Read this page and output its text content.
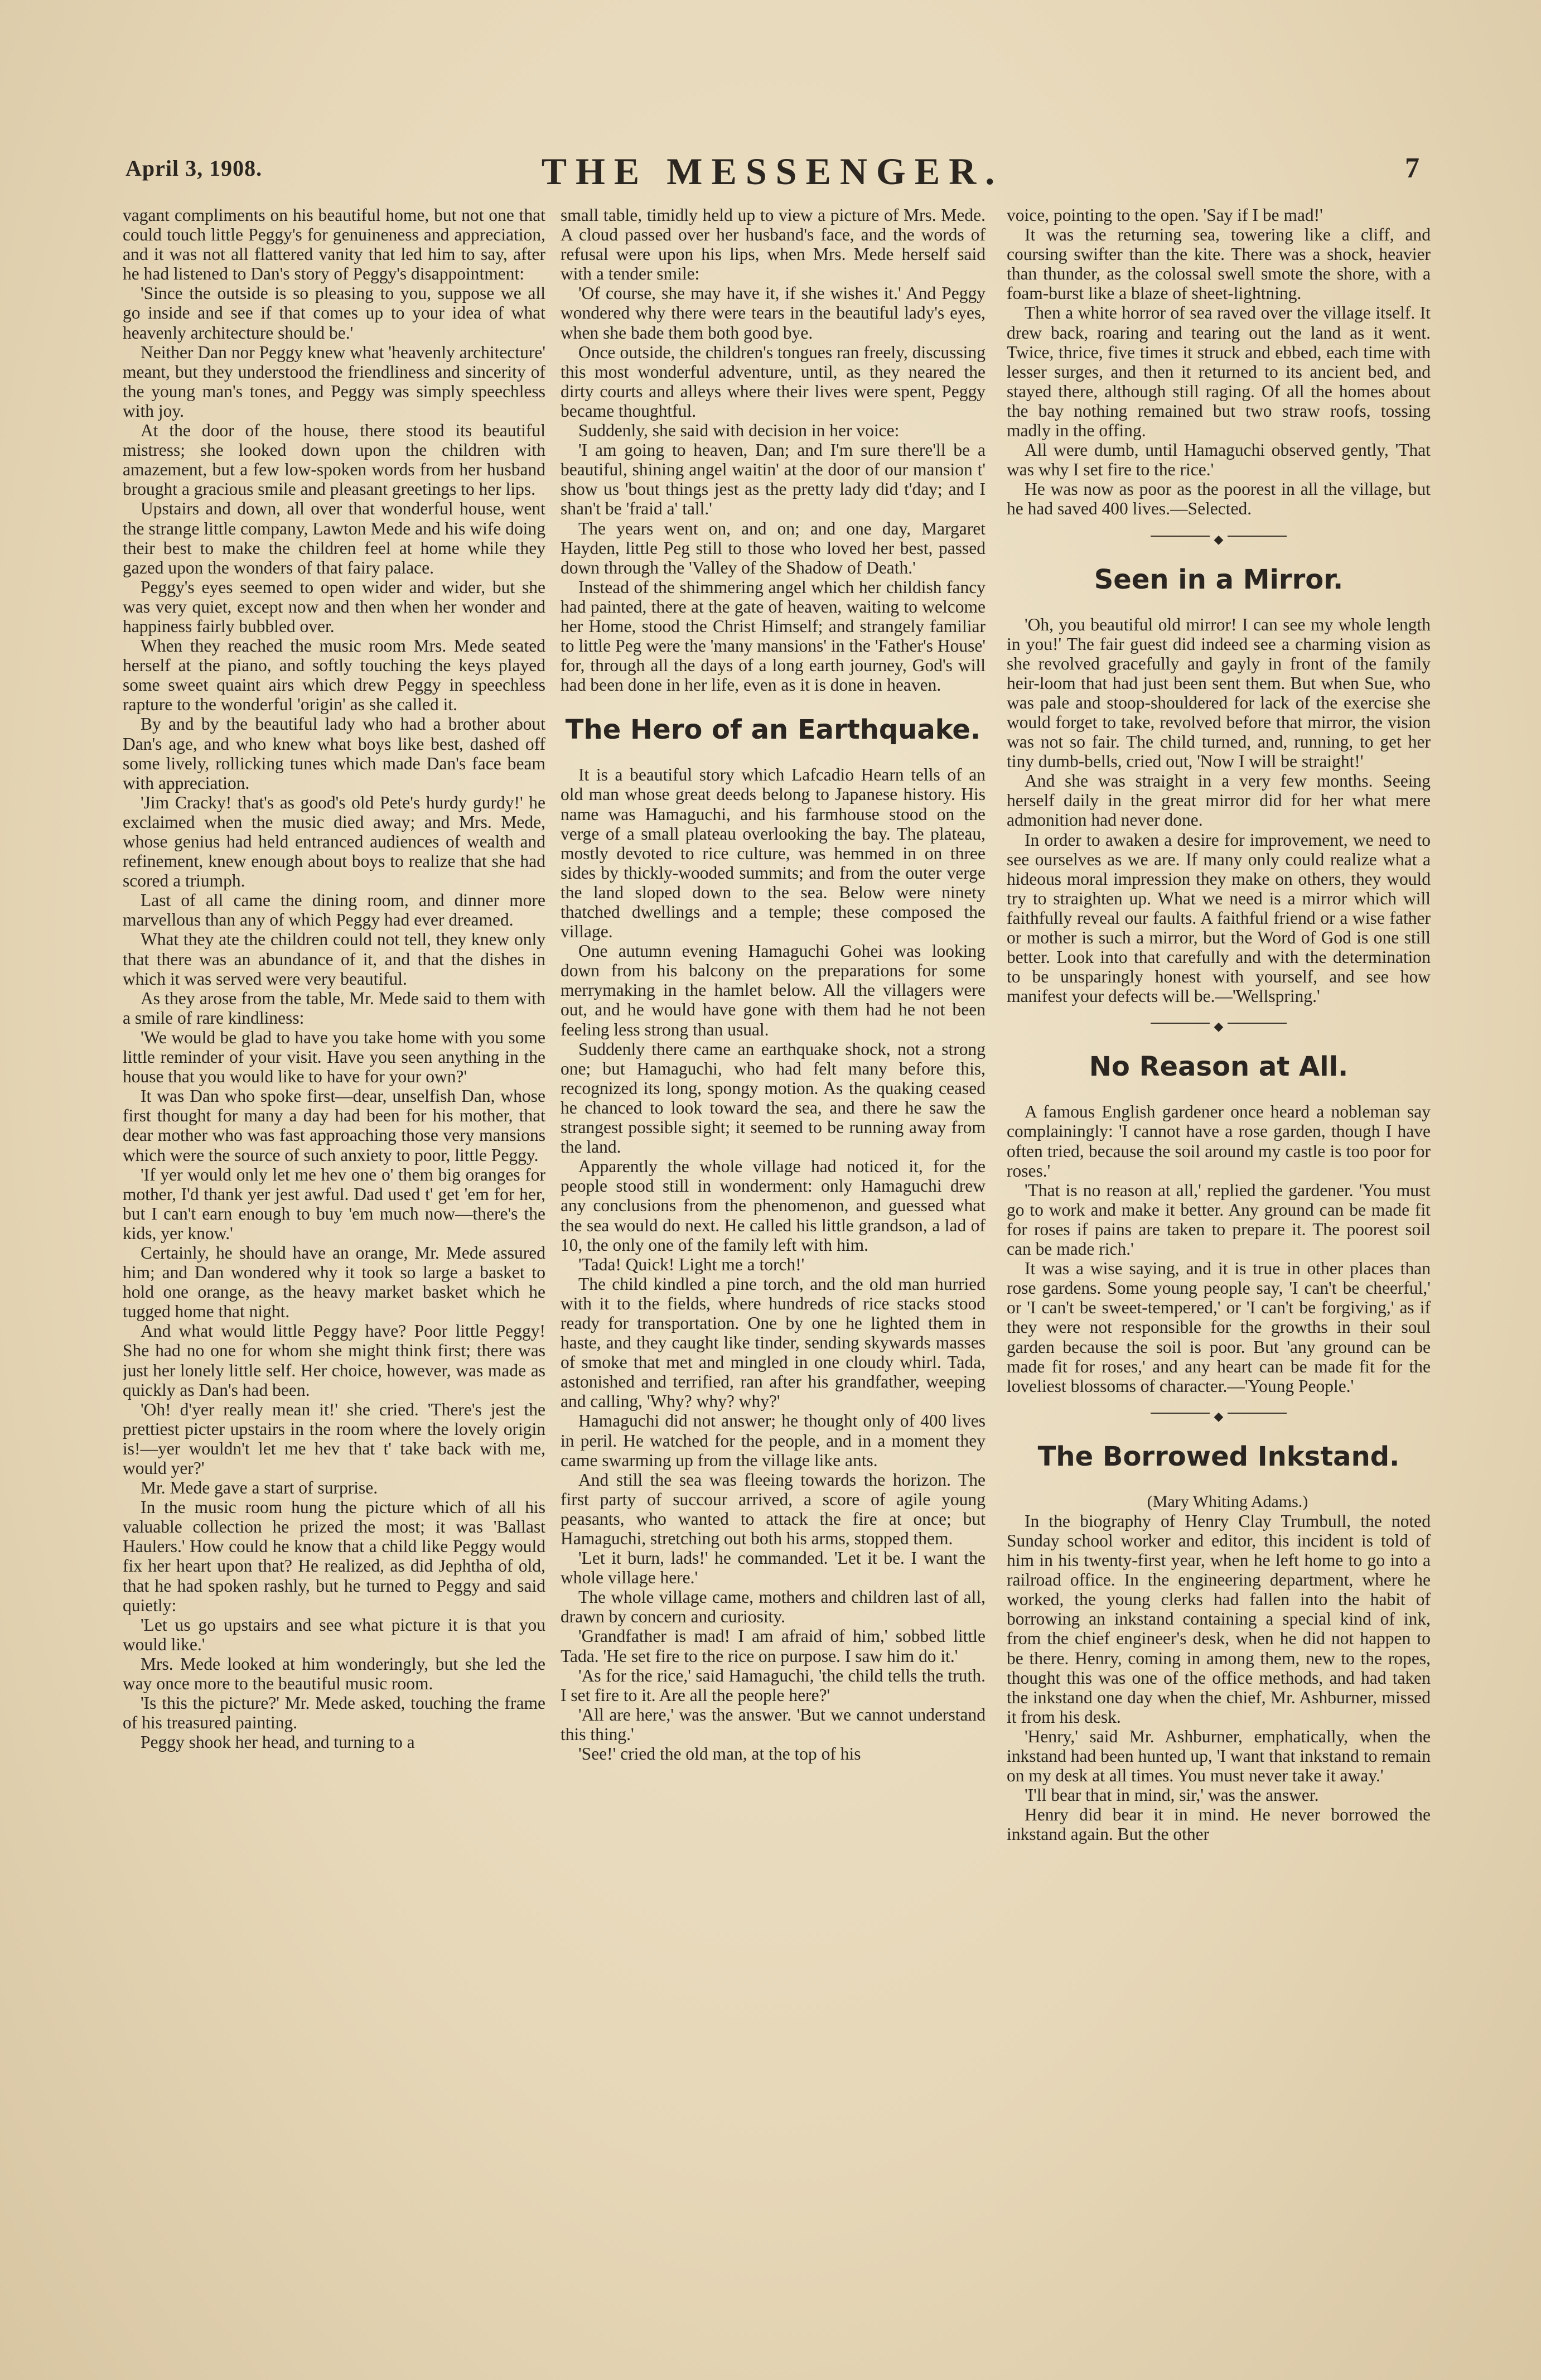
April 3, 1908.	THE MESSENGER.	7

vagant compliments on his beautiful home, but not one that could touch little Peggy's for genuineness and appreciation, and it was not all flattered vanity that led him to say, after he had listened to Dan's story of Peggy's disappointment:

'Since the outside is so pleasing to you, suppose we all go inside and see if that comes up to your idea of what heavenly architecture should be.'

Neither Dan nor Peggy knew what 'heavenly architecture' meant, but they understood the friendliness and sincerity of the young man's tones, and Peggy was simply speechless with joy.

At the door of the house, there stood its beautiful mistress; she looked down upon the children with amazement, but a few low-spoken words from her husband brought a gracious smile and pleasant greetings to her lips.

Upstairs and down, all over that wonderful house, went the strange little company, Lawton Mede and his wife doing their best to make the children feel at home while they gazed upon the wonders of that fairy palace.

Peggy's eyes seemed to open wider and wider, but she was very quiet, except now and then when her wonder and happiness fairly bubbled over.

When they reached the music room Mrs. Mede seated herself at the piano, and softly touching the keys played some sweet quaint airs which drew Peggy in speechless rapture to the wonderful 'origin' as she called it.

By and by the beautiful lady who had a brother about Dan's age, and who knew what boys like best, dashed off some lively, rollicking tunes which made Dan's face beam with appreciation.

'Jim Cracky! that's as good's old Pete's hurdy gurdy!' he exclaimed when the music died away; and Mrs. Mede, whose genius had held entranced audiences of wealth and refinement, knew enough about boys to realize that she had scored a triumph.

Last of all came the dining room, and dinner more marvellous than any of which Peggy had ever dreamed.

What they ate the children could not tell, they knew only that there was an abundance of it, and that the dishes in which it was served were very beautiful.

As they arose from the table, Mr. Mede said to them with a smile of rare kindliness:

'We would be glad to have you take home with you some little reminder of your visit. Have you seen anything in the house that you would like to have for your own?'

It was Dan who spoke first—dear, unselfish Dan, whose first thought for many a day had been for his mother, that dear mother who was fast approaching those very mansions which were the source of such anxiety to poor, little Peggy.

'If yer would only let me hev one o' them big oranges for mother, I'd thank yer jest awful. Dad used t' get 'em for her, but I can't earn enough to buy 'em much now—there's the kids, yer know.'

Certainly, he should have an orange, Mr. Mede assured him; and Dan wondered why it took so large a basket to hold one orange, as the heavy market basket which he tugged home that night.

And what would little Peggy have? Poor little Peggy! She had no one for whom she might think first; there was just her lonely little self. Her choice, however, was made as quickly as Dan's had been.

'Oh! d'yer really mean it!' she cried. 'There's jest the prettiest picter upstairs in the room where the lovely origin is!—yer wouldn't let me hev that t' take back with me, would yer?'

Mr. Mede gave a start of surprise.

In the music room hung the picture which of all his valuable collection he prized the most; it was 'Ballast Haulers.' How could he know that a child like Peggy would fix her heart upon that? He realized, as did Jephtha of old, that he had spoken rashly, but he turned to Peggy and said quietly:

'Let us go upstairs and see what picture it is that you would like.'

Mrs. Mede looked at him wonderingly, but she led the way once more to the beautiful music room.

'Is this the picture?' Mr. Mede asked, touching the frame of his treasured painting.

Peggy shook her head, and turning to a

small table, timidly held up to view a picture of Mrs. Mede. A cloud passed over her husband's face, and the words of refusal were upon his lips, when Mrs. Mede herself said with a tender smile:

'Of course, she may have it, if she wishes it.' And Peggy wondered why there were tears in the beautiful lady's eyes, when she bade them both good bye.

Once outside, the children's tongues ran freely, discussing this most wonderful adventure, until, as they neared the dirty courts and alleys where their lives were spent, Peggy became thoughtful.

Suddenly, she said with decision in her voice:

'I am going to heaven, Dan; and I'm sure there'll be a beautiful, shining angel waitin' at the door of our mansion t' show us 'bout things jest as the pretty lady did t'day; and I shan't be 'fraid a' tall.'

The years went on, and on; and one day, Margaret Hayden, little Peg still to those who loved her best, passed down through the 'Valley of the Shadow of Death.'

Instead of the shimmering angel which her childish fancy had painted, there at the gate of heaven, waiting to welcome her Home, stood the Christ Himself; and strangely familiar to little Peg were the 'many mansions' in the 'Father's House' for, through all the days of a long earth journey, God's will had been done in her life, even as it is done in heaven.

The Hero of an Earthquake.

It is a beautiful story which Lafcadio Hearn tells of an old man whose great deeds belong to Japanese history. His name was Hamaguchi, and his farmhouse stood on the verge of a small plateau overlooking the bay. The plateau, mostly devoted to rice culture, was hemmed in on three sides by thickly-wooded summits; and from the outer verge the land sloped down to the sea. Below were ninety thatched dwellings and a temple; these composed the village.

One autumn evening Hamaguchi Gohei was looking down from his balcony on the preparations for some merrymaking in the hamlet below. All the villagers were out, and he would have gone with them had he not been feeling less strong than usual.

Suddenly there came an earthquake shock, not a strong one; but Hamaguchi, who had felt many before this, recognized its long, spongy motion. As the quaking ceased he chanced to look toward the sea, and there he saw the strangest possible sight; it seemed to be running away from the land.

Apparently the whole village had noticed it, for the people stood still in wonderment: only Hamaguchi drew any conclusions from the phenomenon, and guessed what the sea would do next. He called his little grandson, a lad of 10, the only one of the family left with him.

'Tada! Quick! Light me a torch!'

The child kindled a pine torch, and the old man hurried with it to the fields, where hundreds of rice stacks stood ready for transportation. One by one he lighted them in haste, and they caught like tinder, sending skywards masses of smoke that met and mingled in one cloudy whirl. Tada, astonished and terrified, ran after his grandfather, weeping and calling, 'Why? why? why?'

Hamaguchi did not answer; he thought only of 400 lives in peril. He watched for the people, and in a moment they came swarming up from the village like ants.

And still the sea was fleeing towards the horizon. The first party of succour arrived, a score of agile young peasants, who wanted to attack the fire at once; but Hamaguchi, stretching out both his arms, stopped them.

'Let it burn, lads!' he commanded. 'Let it be. I want the whole village here.'

The whole village came, mothers and children last of all, drawn by concern and curiosity.

'Grandfather is mad! I am afraid of him,' sobbed little Tada. 'He set fire to the rice on purpose. I saw him do it.'

'As for the rice,' said Hamaguchi, 'the child tells the truth. I set fire to it. Are all the people here?'

'All are here,' was the answer. 'But we cannot understand this thing.'

'See!' cried the old man, at the top of his

voice, pointing to the open. 'Say if I be mad!'

It was the returning sea, towering like a cliff, and coursing swifter than the kite. There was a shock, heavier than thunder, as the colossal swell smote the shore, with a foam-burst like a blaze of sheet-lightning.

Then a white horror of sea raved over the village itself. It drew back, roaring and tearing out the land as it went. Twice, thrice, five times it struck and ebbed, each time with lesser surges, and then it returned to its ancient bed, and stayed there, although still raging. Of all the homes about the bay nothing remained but two straw roofs, tossing madly in the offing.

All were dumb, until Hamaguchi observed gently, 'That was why I set fire to the rice.'

He was now as poor as the poorest in all the village, but he had saved 400 lives.—Selected.

◆
Seen in a Mirror.

'Oh, you beautiful old mirror! I can see my whole length in you!' The fair guest did indeed see a charming vision as she revolved gracefully and gayly in front of the family heir-loom that had just been sent them. But when Sue, who was pale and stoop-shouldered for lack of the exercise she would forget to take, revolved before that mirror, the vision was not so fair. The child turned, and, running, to get her tiny dumb-bells, cried out, 'Now I will be straight!'

And she was straight in a very few months. Seeing herself daily in the great mirror did for her what mere admonition had never done.

In order to awaken a desire for improvement, we need to see ourselves as we are. If many only could realize what a hideous moral impression they make on others, they would try to straighten up. What we need is a mirror which will faithfully reveal our faults. A faithful friend or a wise father or mother is such a mirror, but the Word of God is one still better. Look into that carefully and with the determination to be unsparingly honest with yourself, and see how manifest your defects will be.—'Wellspring.'

◆
No Reason at All.

A famous English gardener once heard a nobleman say complainingly: 'I cannot have a rose garden, though I have often tried, because the soil around my castle is too poor for roses.'

'That is no reason at all,' replied the gardener. 'You must go to work and make it better. Any ground can be made fit for roses if pains are taken to prepare it. The poorest soil can be made rich.'

It was a wise saying, and it is true in other places than rose gardens. Some young people say, 'I can't be cheerful,' or 'I can't be sweet-tempered,' or 'I can't be forgiving,' as if they were not responsible for the growths in their soul garden because the soil is poor. But 'any ground can be made fit for roses,' and any heart can be made fit for the loveliest blossoms of character.—'Young People.'

◆
The Borrowed Inkstand.

(Mary Whiting Adams.)

In the biography of Henry Clay Trumbull, the noted Sunday school worker and editor, this incident is told of him in his twenty-first year, when he left home to go into a railroad office. In the engineering department, where he worked, the young clerks had fallen into the habit of borrowing an inkstand containing a special kind of ink, from the chief engineer's desk, when he did not happen to be there. Henry, coming in among them, new to the ropes, thought this was one of the office methods, and had taken the inkstand one day when the chief, Mr. Ashburner, missed it from his desk.

'Henry,' said Mr. Ashburner, emphatically, when the inkstand had been hunted up, 'I want that inkstand to remain on my desk at all times. You must never take it away.'

'I'll bear that in mind, sir,' was the answer.

Henry did bear it in mind. He never borrowed the inkstand again. But the other
